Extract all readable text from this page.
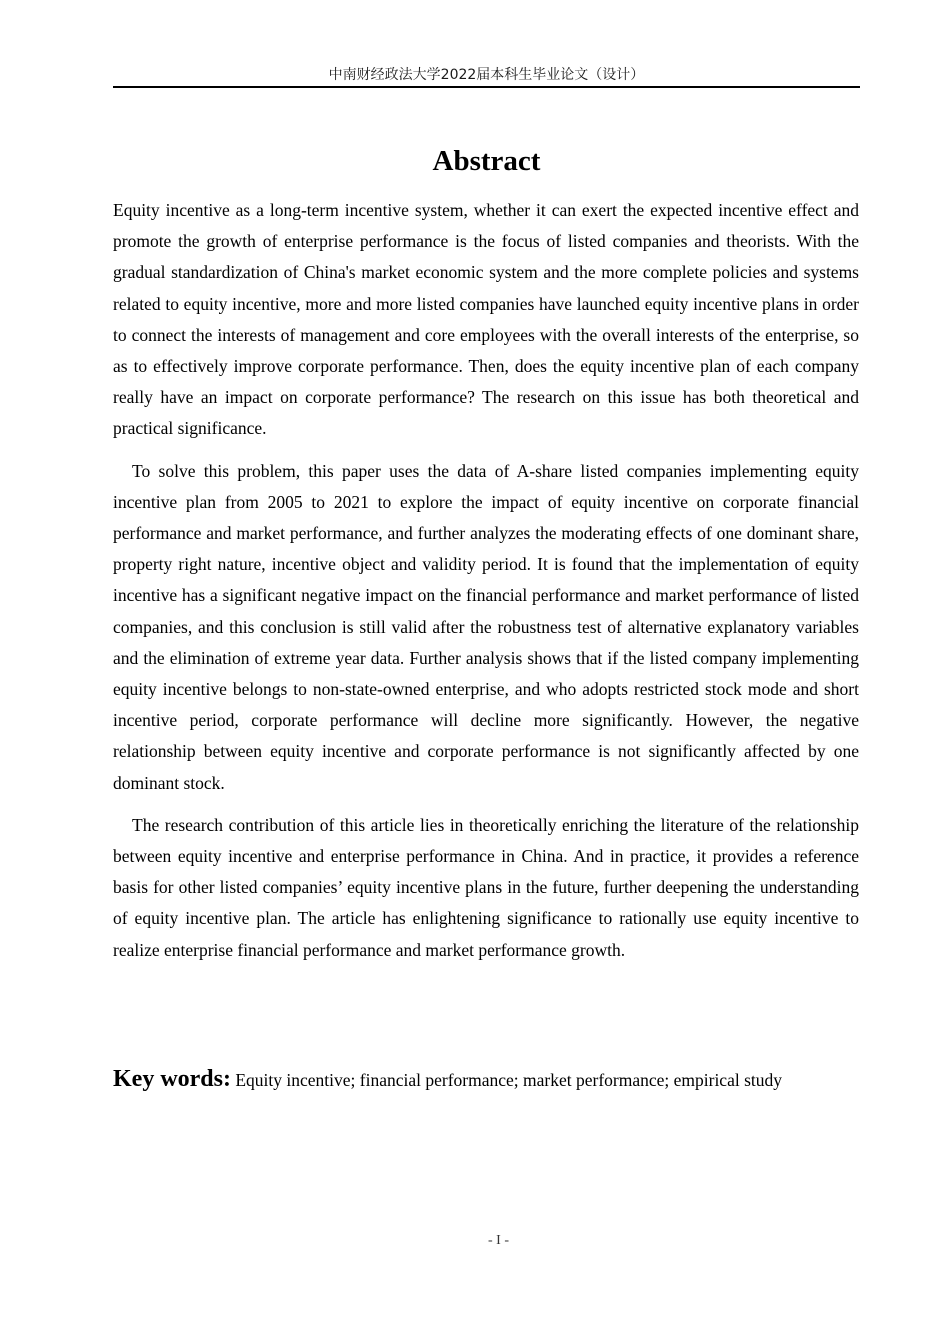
中南财经政法大学2022届本科生毕业论文（设计）
Abstract

Equity incentive as a long-term incentive system, whether it can exert the expected incentive effect and promote the growth of enterprise performance is the focus of listed companies and theorists. With the gradual standardization of China's market economic system and the more complete policies and systems related to equity incentive, more and more listed companies have launched equity incentive plans in order to connect the interests of management and core employees with the overall interests of the enterprise, so as to effectively improve corporate performance. Then, does the equity incentive plan of each company really have an impact on corporate performance? The research on this issue has both theoretical and practical significance.

To solve this problem, this paper uses the data of A-share listed companies implementing equity incentive plan from 2005 to 2021 to explore the impact of equity incentive on corporate financial performance and market performance, and further analyzes the moderating effects of one dominant share, property right nature, incentive object and validity period. It is found that the implementation of equity incentive has a significant negative impact on the financial performance and market performance of listed companies, and this conclusion is still valid after the robustness test of alternative explanatory variables and the elimination of extreme year data. Further analysis shows that if the listed company implementing equity incentive belongs to non-state-owned enterprise, and who adopts restricted stock mode and short incentive period, corporate performance will decline more significantly. However, the negative relationship between equity incentive and corporate performance is not significantly affected by one dominant stock.

The research contribution of this article lies in theoretically enriching the literature of the relationship between equity incentive and enterprise performance in China. And in practice, it provides a reference basis for other listed companies’ equity incentive plans in the future, further deepening the understanding of equity incentive plan. The article has enlightening significance to rationally use equity incentive to realize enterprise financial performance and market performance growth.

Key words: Equity incentive; financial performance; market performance; empirical study
- I -
